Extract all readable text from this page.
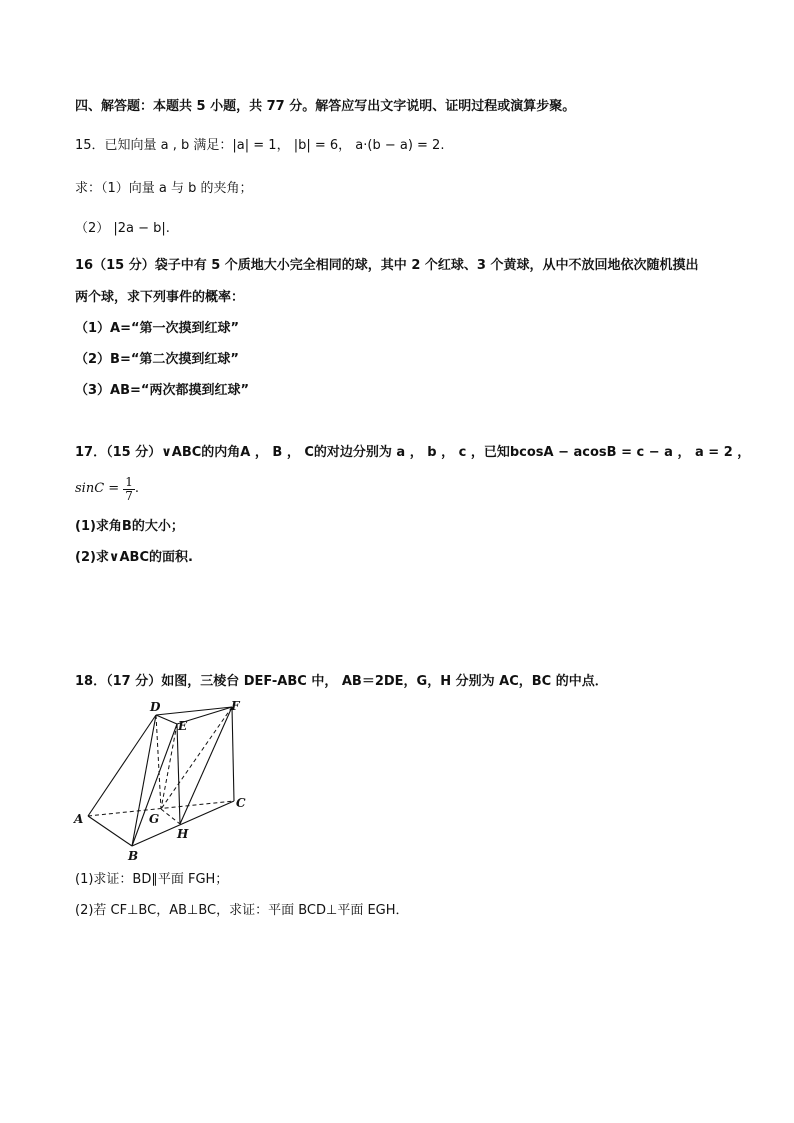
四、解答题：本题共 5 小题，共 77 分。解答应写出文字说明、证明过程或演算步聚。
15．已知向量 a , b 满足：|a| = 1， |b| = 6， a·(b − a) = 2.
求：（1）向量 a 与 b 的夹角；
（2） |2a − b|.
16（15 分）袋子中有 5 个质地大小完全相同的球，其中 2 个红球、3 个黄球，从中不放回地依次随机摸出
两个球，求下列事件的概率：
（1）A=“第一次摸到红球”
（2）B=“第二次摸到红球”
（3）AB=“两次都摸到红球”
17．（15 分）∨ABC的内角A ， B ， C的对边分别为 a ， b ， c ，已知bcosA − acosB = c − a ， a = 2 ，
$\sin C = \frac{1}{7}$ .
(1)求角B的大小；
(2)求∨ABC的面积.
18．（17 分）如图，三棱台 DEF-ABC 中， AB＝2DE，G，H 分别为 AC，BC 的中点．
D
E
F
A
B
C
G
H
(1)求证：BD∥平面 FGH；
(2)若 CF⊥BC，AB⊥BC，求证：平面 BCD⊥平面 EGH．
